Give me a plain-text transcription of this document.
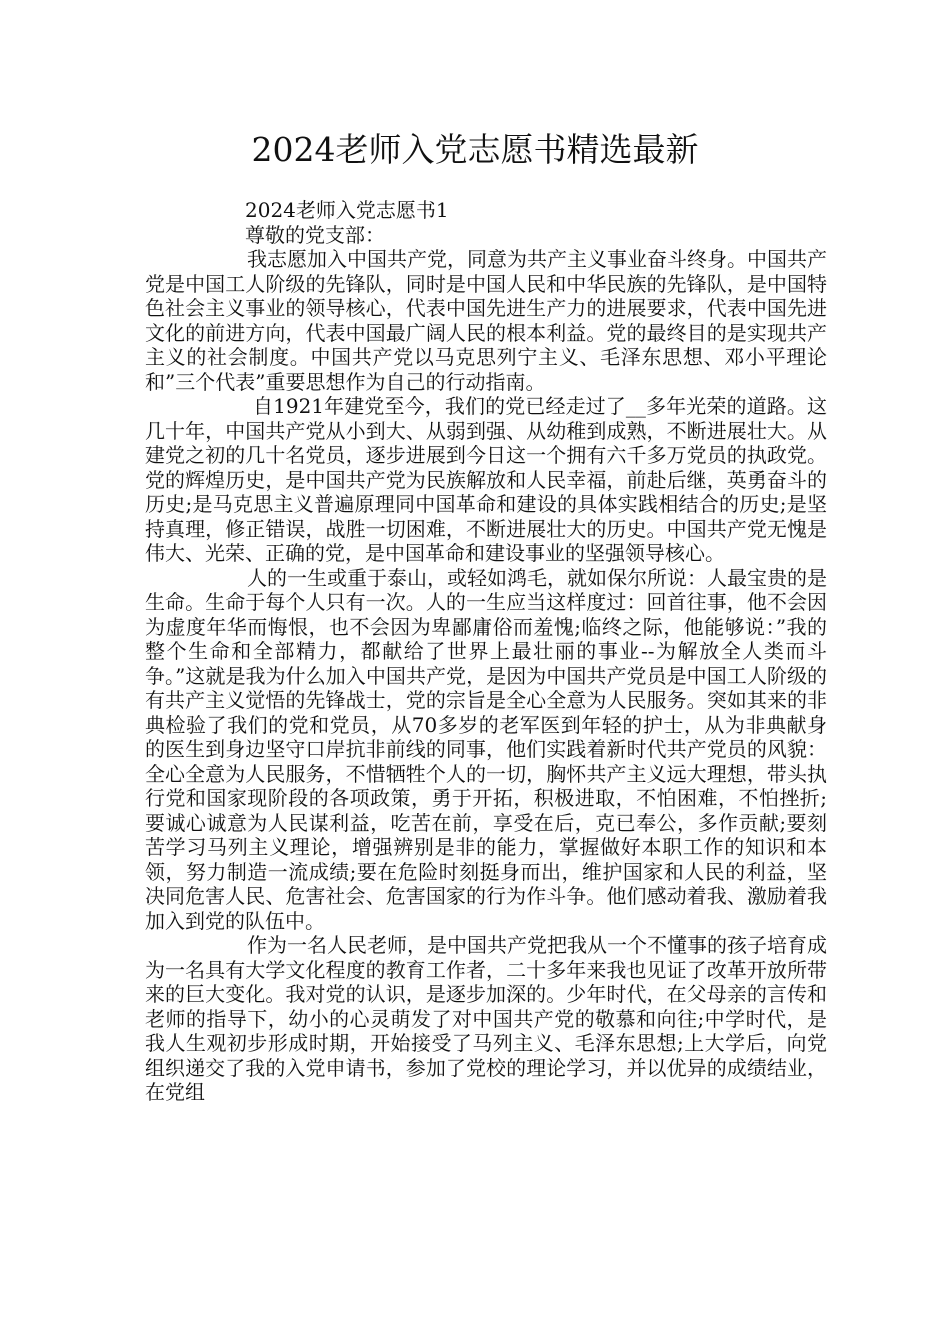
2024老师入党志愿书精选最新

2024老师入党志愿书1

尊敬的党支部：

我志愿加入中国共产党，同意为共产主义事业奋斗终身。中国共产党是中国工人阶级的先锋队，同时是中国人民和中华民族的先锋队，是中国特色社会主义事业的领导核心，代表中国先进生产力的进展要求，代表中国先进文化的前进方向，代表中国最广阔人民的根本利益。党的最终目的是实现共产主义的社会制度。中国共产党以马克思列宁主义、毛泽东思想、邓小平理论和”三个代表”重要思想作为自己的行动指南。

自1921年建党至今，我们的党已经走过了__多年光荣的道路。这几十年，中国共产党从小到大、从弱到强、从幼稚到成熟，不断进展壮大。从建党之初的几十名党员，逐步进展到今日这一个拥有六千多万党员的执政党。党的辉煌历史，是中国共产党为民族解放和人民幸福，前赴后继，英勇奋斗的历史;是马克思主义普遍原理同中国革命和建设的具体实践相结合的历史;是坚持真理，修正错误，战胜一切困难，不断进展壮大的历史。中国共产党无愧是伟大、光荣、正确的党，是中国革命和建设事业的坚强领导核心。

人的一生或重于泰山，或轻如鸿毛，就如保尔所说：人最宝贵的是生命。生命于每个人只有一次。人的一生应当这样度过：回首往事，他不会因为虚度年华而悔恨，也不会因为卑鄙庸俗而羞愧;临终之际，他能够说：”我的整个生命和全部精力，都献给了世界上最壮丽的事业--为解放全人类而斗争。”这就是我为什么加入中国共产党，是因为中国共产党员是中国工人阶级的有共产主义觉悟的先锋战士，党的宗旨是全心全意为人民服务。突如其来的非典检验了我们的党和党员，从70多岁的老军医到年轻的护士，从为非典献身的医生到身边坚守口岸抗非前线的同事，他们实践着新时代共产党员的风貌：全心全意为人民服务，不惜牺牲个人的一切，胸怀共产主义远大理想，带头执行党和国家现阶段的各项政策，勇于开拓，积极进取，不怕困难，不怕挫折;要诚心诚意为人民谋利益，吃苦在前，享受在后，克已奉公，多作贡献;要刻苦学习马列主义理论，增强辨别是非的能力，掌握做好本职工作的知识和本领，努力制造一流成绩;要在危险时刻挺身而出，维护国家和人民的利益，坚决同危害人民、危害社会、危害国家的行为作斗争。他们感动着我、激励着我加入到党的队伍中。

作为一名人民老师，是中国共产党把我从一个不懂事的孩子培育成为一名具有大学文化程度的教育工作者，二十多年来我也见证了改革开放所带来的巨大变化。我对党的认识，是逐步加深的。少年时代，在父母亲的言传和老师的指导下，幼小的心灵萌发了对中国共产党的敬慕和向往;中学时代，是我人生观初步形成时期，开始接受了马列主义、毛泽东思想;上大学后，向党组织递交了我的入党申请书，参加了党校的理论学习，并以优异的成绩结业，在党组
